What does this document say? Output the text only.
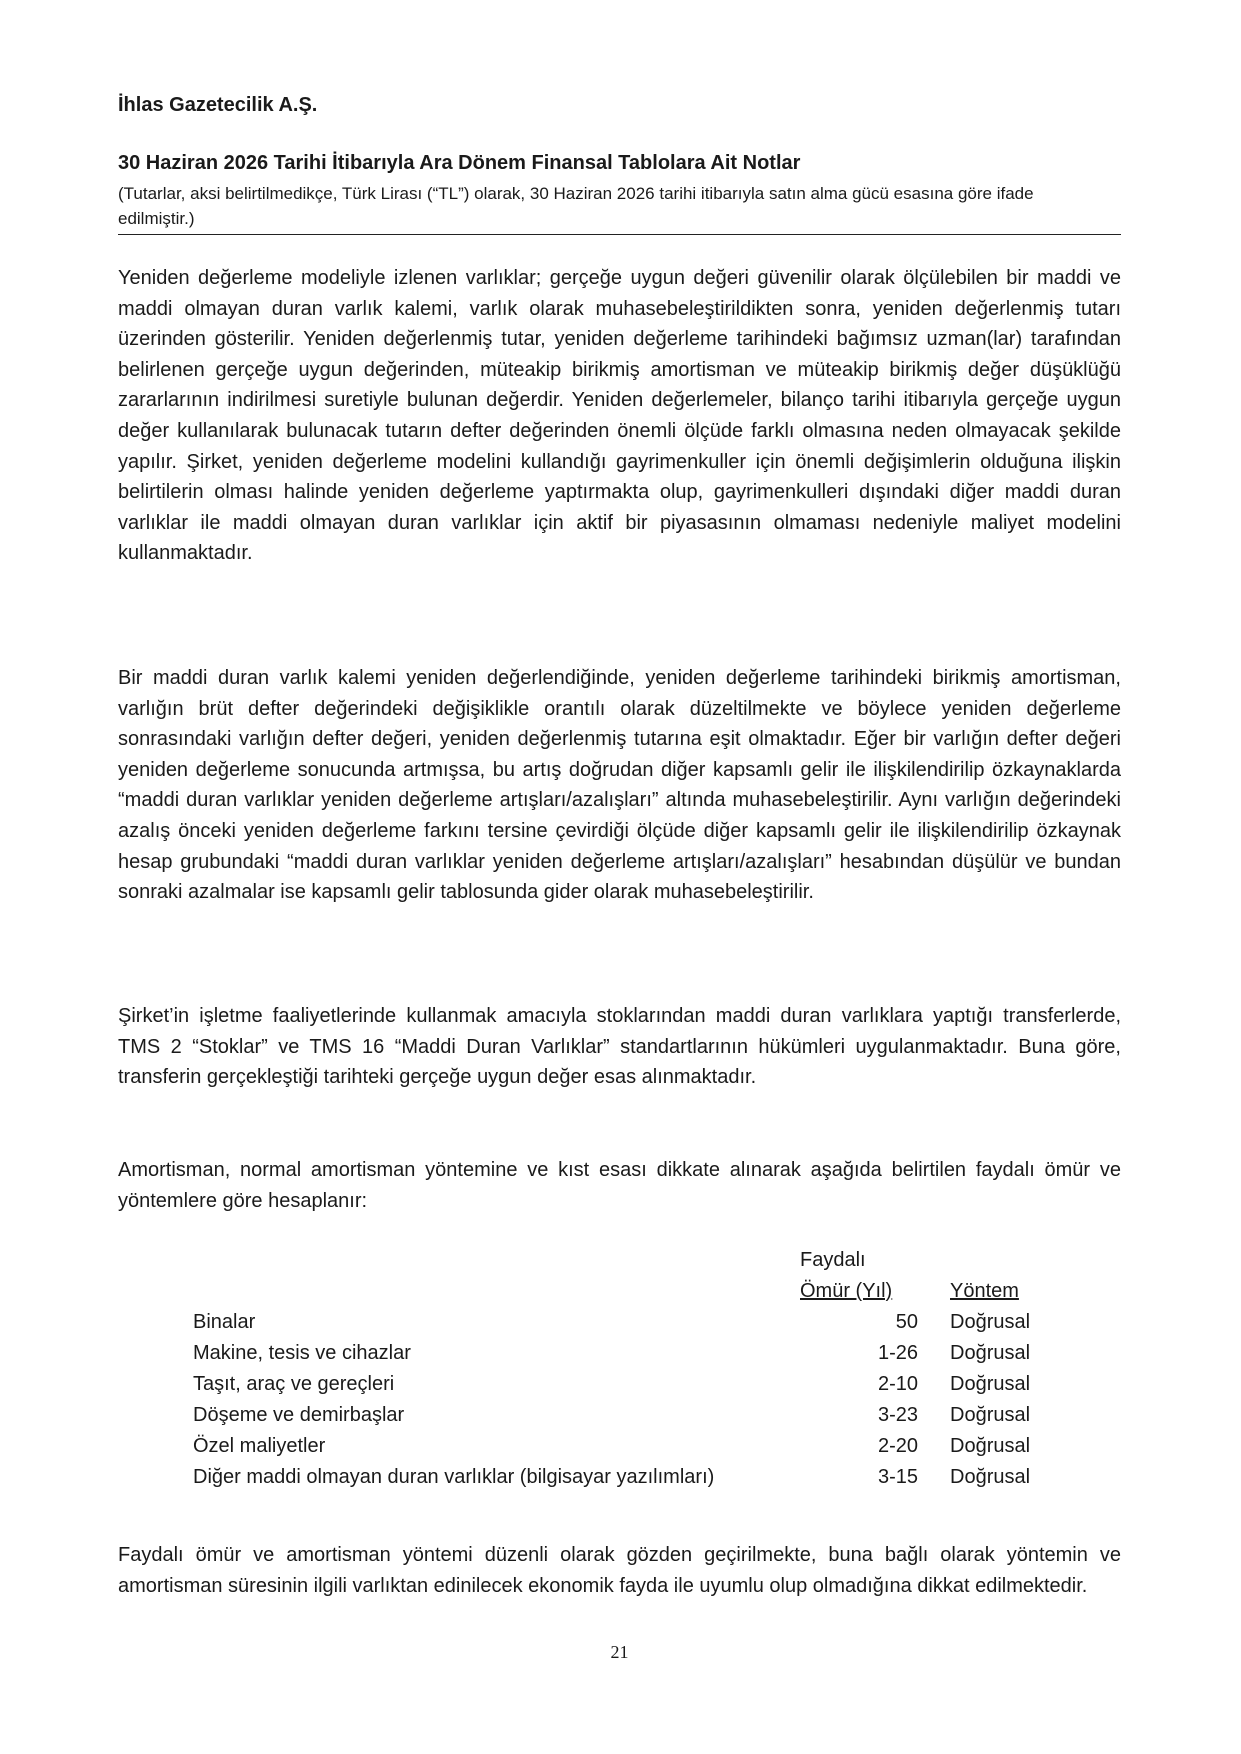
İhlas Gazetecilik A.Ş.
30 Haziran 2026 Tarihi İtibarıyla Ara Dönem Finansal Tablolara Ait Notlar
(Tutarlar, aksi belirtilmedikçe, Türk Lirası (“TL”) olarak, 30 Haziran 2026 tarihi itibarıyla satın alma gücü esasına göre ifade edilmiştir.)

Yeniden değerleme modeliyle izlenen varlıklar; gerçeğe uygun değeri güvenilir olarak ölçülebilen bir maddi ve maddi olmayan duran varlık kalemi, varlık olarak muhasebeleştirildikten sonra, yeniden değerlenmiş tutarı üzerinden gösterilir. Yeniden değerlenmiş tutar, yeniden değerleme tarihindeki bağımsız uzman(lar) tarafından belirlenen gerçeğe uygun değerinden, müteakip birikmiş amortisman ve müteakip birikmiş değer düşüklüğü zararlarının indirilmesi suretiyle bulunan değerdir. Yeniden değerlemeler, bilanço tarihi itibarıyla gerçeğe uygun değer kullanılarak bulunacak tutarın defter değerinden önemli ölçüde farklı olmasına neden olmayacak şekilde yapılır. Şirket, yeniden değerleme modelini kullandığı gayrimenkuller için önemli değişimlerin olduğuna ilişkin belirtilerin olması halinde yeniden değerleme yaptırmakta olup, gayrimenkulleri dışındaki diğer maddi duran varlıklar ile maddi olmayan duran varlıklar için aktif bir piyasasının olmaması nedeniyle maliyet modelini kullanmaktadır.

Bir maddi duran varlık kalemi yeniden değerlendiğinde, yeniden değerleme tarihindeki birikmiş amortisman, varlığın brüt defter değerindeki değişiklikle orantılı olarak düzeltilmekte ve böylece yeniden değerleme sonrasındaki varlığın defter değeri, yeniden değerlenmiş tutarına eşit olmaktadır. Eğer bir varlığın defter değeri yeniden değerleme sonucunda artmışsa, bu artış doğrudan diğer kapsamlı gelir ile ilişkilendirilip özkaynaklarda “maddi duran varlıklar yeniden değerleme artışları/azalışları” altında muhasebeleştirilir. Aynı varlığın değerindeki azalış önceki yeniden değerleme farkını tersine çevirdiği ölçüde diğer kapsamlı gelir ile ilişkilendirilip özkaynak hesap grubundaki “maddi duran varlıklar yeniden değerleme artışları/azalışları” hesabından düşülür ve bundan sonraki azalmalar ise kapsamlı gelir tablosunda gider olarak muhasebeleştirilir.

Şirket’in işletme faaliyetlerinde kullanmak amacıyla stoklarından maddi duran varlıklara yaptığı transferlerde, TMS 2 “Stoklar” ve TMS 16 “Maddi Duran Varlıklar” standartlarının hükümleri uygulanmaktadır. Buna göre, transferin gerçekleştiği tarihteki gerçeğe uygun değer esas alınmaktadır.

Amortisman, normal amortisman yöntemine ve kıst esası dikkate alınarak aşağıda belirtilen faydalı ömür ve yöntemlere göre hesaplanır:

	Faydalı		
	Ömür (Yıl)		Yöntem
Binalar	50		Doğrusal
Makine, tesis ve cihazlar	1-26		Doğrusal
Taşıt, araç ve gereçleri	2-10		Doğrusal
Döşeme ve demirbaşlar	3-23		Doğrusal
Özel maliyetler	2-20		Doğrusal
Diğer maddi olmayan duran varlıklar (bilgisayar yazılımları)	3-15		Doğrusal

Faydalı ömür ve amortisman yöntemi düzenli olarak gözden geçirilmekte, buna bağlı olarak yöntemin ve amortisman süresinin ilgili varlıktan edinilecek ekonomik fayda ile uyumlu olup olmadığına dikkat edilmektedir.

21
